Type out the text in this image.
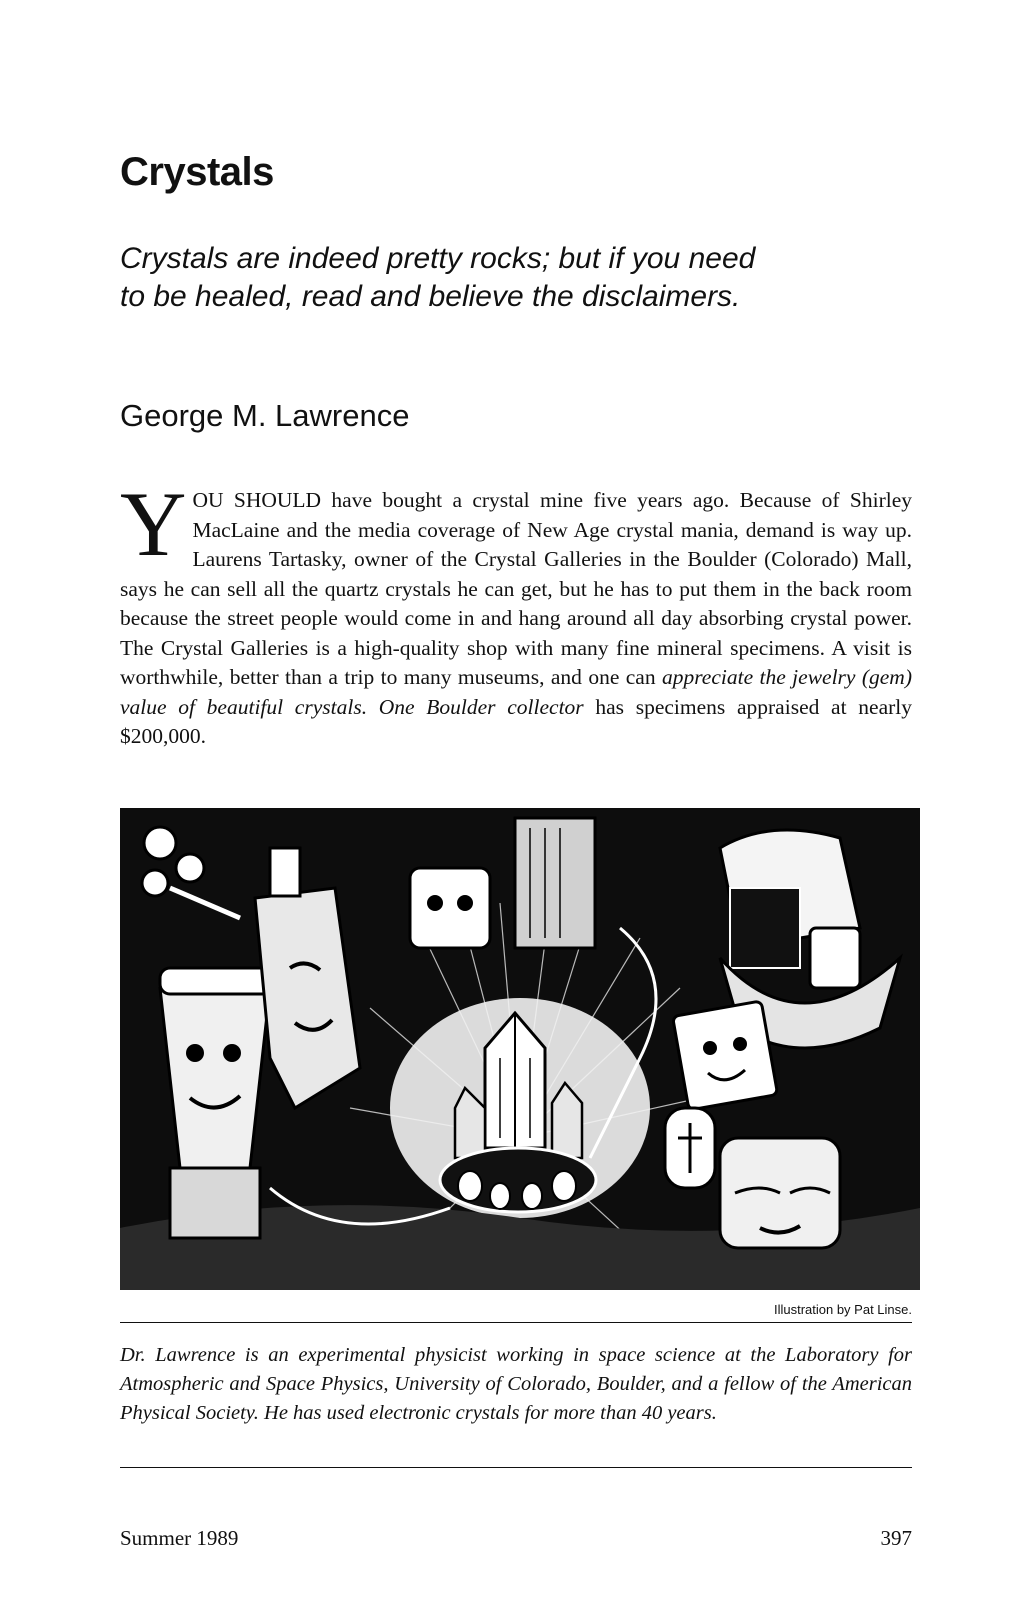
Crystals

Crystals are indeed pretty rocks; but if you need to be healed, read and believe the disclaimers.

George M. Lawrence

YOU SHOULD have bought a crystal mine five years ago. Because of Shirley MacLaine and the media coverage of New Age crystal mania, demand is way up. Laurens Tartasky, owner of the Crystal Galleries in the Boulder (Colorado) Mall, says he can sell all the quartz crystals he can get, but he has to put them in the back room because the street people would come in and hang around all day absorbing crystal power. The Crystal Galleries is a high-quality shop with many fine mineral specimens. A visit is worthwhile, better than a trip to many museums, and one can appreciate the jewelry (gem) value of beautiful crystals. One Boulder collector has specimens appraised at nearly $200,000.

Illustration by Pat Linse.

Dr. Lawrence is an experimental physicist working in space science at the Laboratory for Atmospheric and Space Physics, University of Colorado, Boulder, and a fellow of the American Physical Society. He has used electronic crystals for more than 40 years.

Summer 1989	397
